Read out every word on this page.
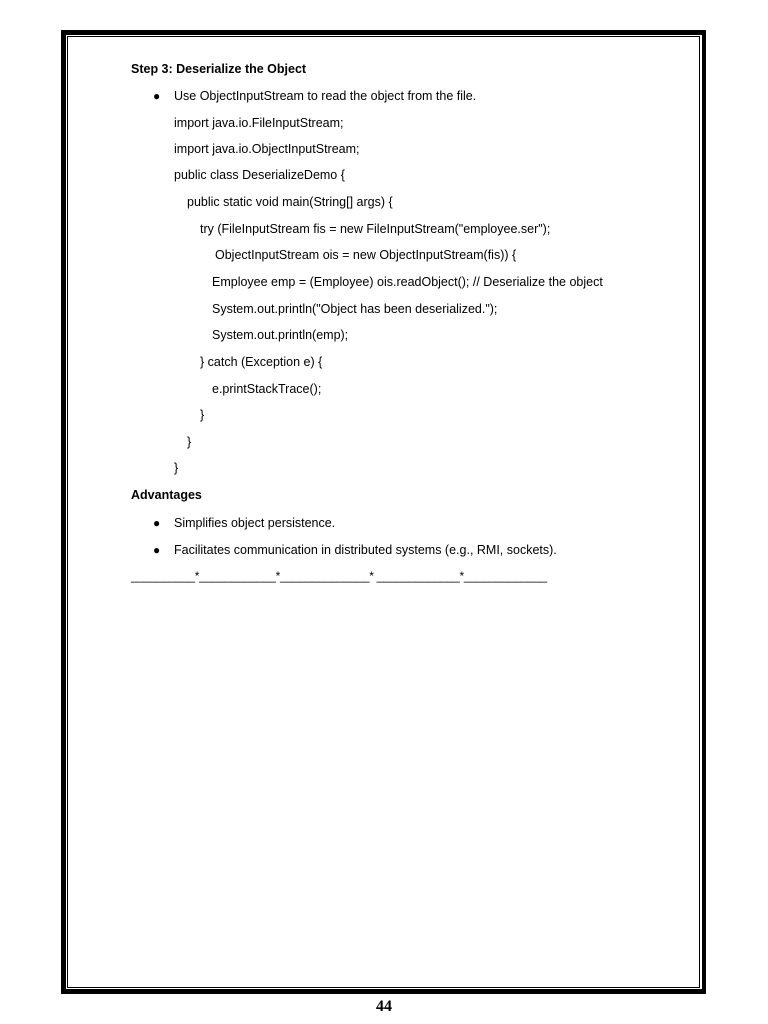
Step 3: Deserialize the Object
● Use ObjectInputStream to read the object from the file.
import java.io.FileInputStream;
import java.io.ObjectInputStream;
public class DeserializeDemo {
public static void main(String[] args) {
try (FileInputStream fis = new FileInputStream("employee.ser");
ObjectInputStream ois = new ObjectInputStream(fis)) {
Employee emp = (Employee) ois.readObject(); // Deserialize the object
System.out.println("Object has been deserialized.");
System.out.println(emp);
} catch (Exception e) {
e.printStackTrace();
}
}
}
Advantages
● Simplifies object persistence.
● Facilitates communication in distributed systems (e.g., RMI, sockets).
__________*____________*______________* _____________*_____________
44
